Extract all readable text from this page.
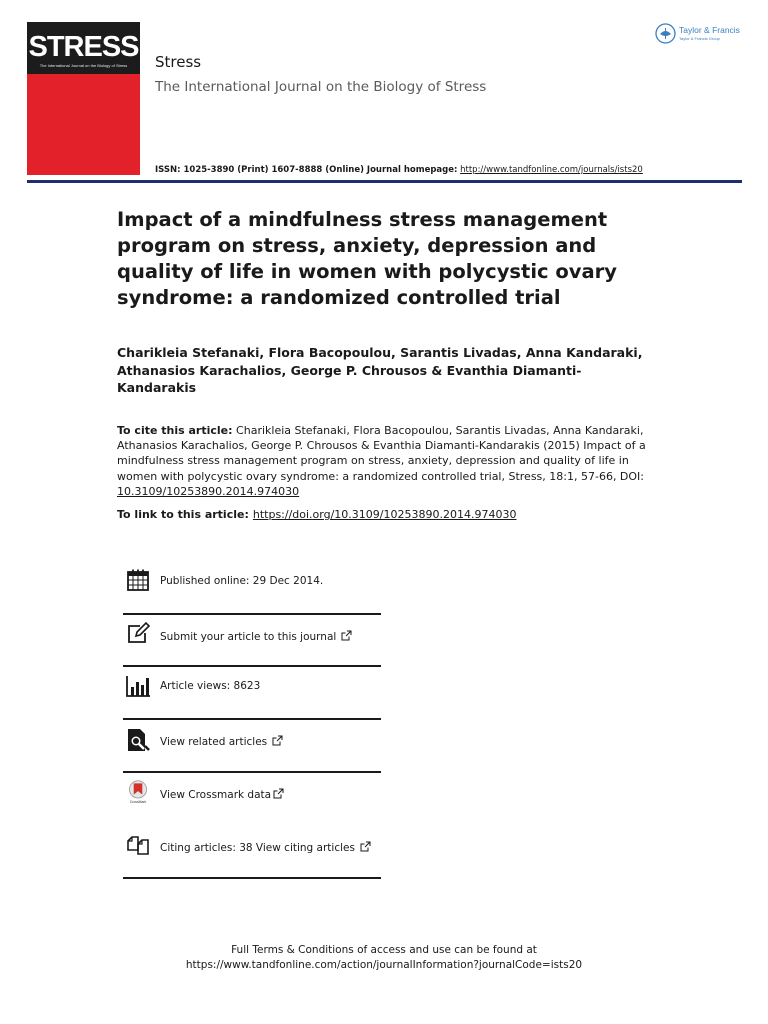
STRESS
The International Journal on the Biology of Stress	Stress
The International Journal on the Biology of Stress
ISSN: 1025-3890 (Print) 1607-8888 (Online) Journal homepage: http://www.tandfonline.com/journals/ists20
Taylor & Francis
Taylor & Francis Group
Impact of a mindfulness stress management program on stress, anxiety, depression and quality of life in women with polycystic ovary syndrome: a randomized controlled trial

Charikleia Stefanaki, Flora Bacopoulou, Sarantis Livadas, Anna Kandaraki, Athanasios Karachalios, George P. Chrousos & Evanthia Diamanti-Kandarakis

To cite this article: Charikleia Stefanaki, Flora Bacopoulou, Sarantis Livadas, Anna Kandaraki, Athanasios Karachalios, George P. Chrousos & Evanthia Diamanti-Kandarakis (2015) Impact of a mindfulness stress management program on stress, anxiety, depression and quality of life in women with polycystic ovary syndrome: a randomized controlled trial, Stress, 18:1, 57-66, DOI: 10.3109/10253890.2014.974030

To link to this article: https://doi.org/10.3109/10253890.2014.974030
Published online: 29 Dec 2014.
Submit your article to this journal
Article views: 8623
View related articles
CrossMark
View Crossmark data
Citing articles: 38 View citing articles
Full Terms & Conditions of access and use can be found at
https://www.tandfonline.com/action/journalInformation?journalCode=ists20
